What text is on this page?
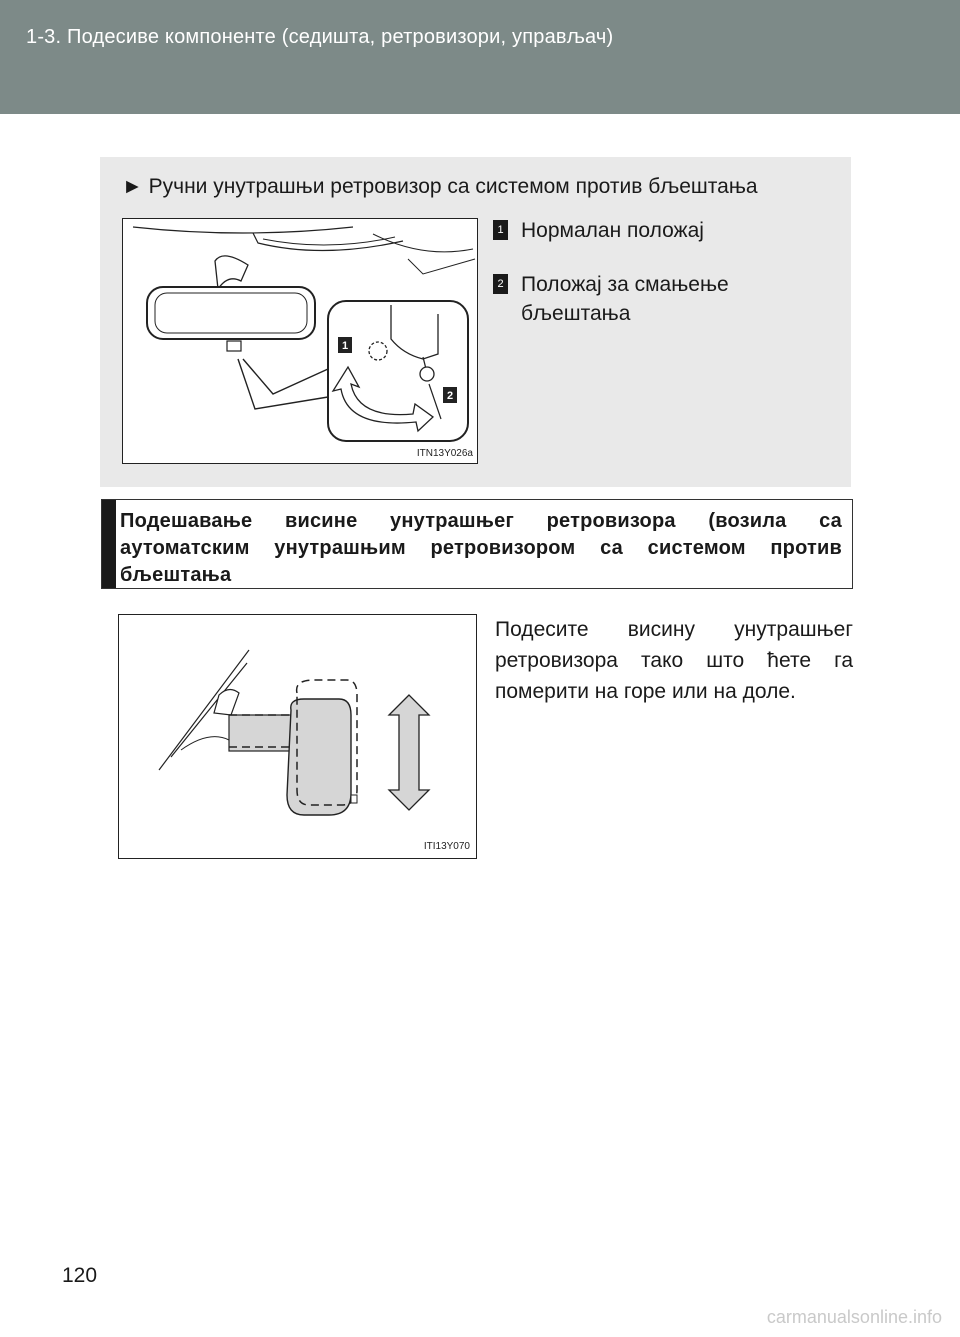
1-3. Подесиве компоненте (седишта, ретровизори, управљач)
► Ручни унутрашњи ретровизор са системом против бљештања
1
2
ITN13Y026a
1 Нормалан положај
2 Положај за смањење
бљештања
Подешавање висине унутрашњег ретровизора (возила са аутоматским унутрашњим ретровизором са системом против бљештања
ITI13Y070
Подесите висину унутрашњег ретровизора тако што ћете га померити на горе или на доле.
120
carmanualsonline.info
